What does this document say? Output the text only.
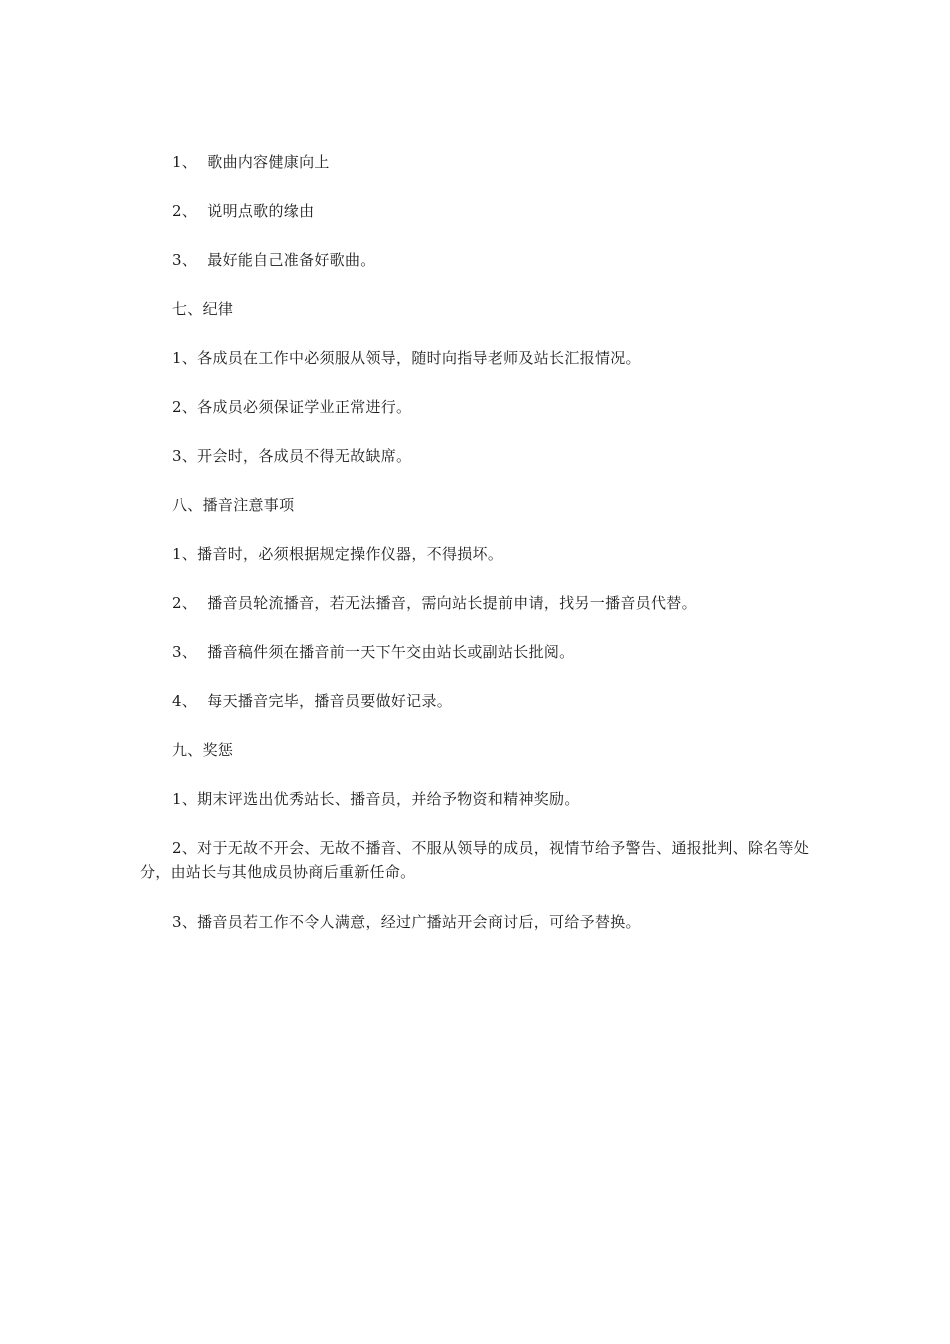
1、  歌曲内容健康向上

2、  说明点歌的缘由

3、  最好能自己准备好歌曲。

七、纪律

1、各成员在工作中必须服从领导，随时向指导老师及站长汇报情况。

2、各成员必须保证学业正常进行。

3、开会时，各成员不得无故缺席。

八、播音注意事项

1、播音时，必须根据规定操作仪器，不得损坏。

2、  播音员轮流播音，若无法播音，需向站长提前申请，找另一播音员代替。

3、  播音稿件须在播音前一天下午交由站长或副站长批阅。

4、  每天播音完毕，播音员要做好记录。

九、奖惩

1、期末评选出优秀站长、播音员，并给予物资和精神奖励。

2、对于无故不开会、无故不播音、不服从领导的成员，视情节给予警告、通报批判、除名等处分，由站长与其他成员协商后重新任命。

3、播音员若工作不令人满意，经过广播站开会商讨后，可给予替换。
